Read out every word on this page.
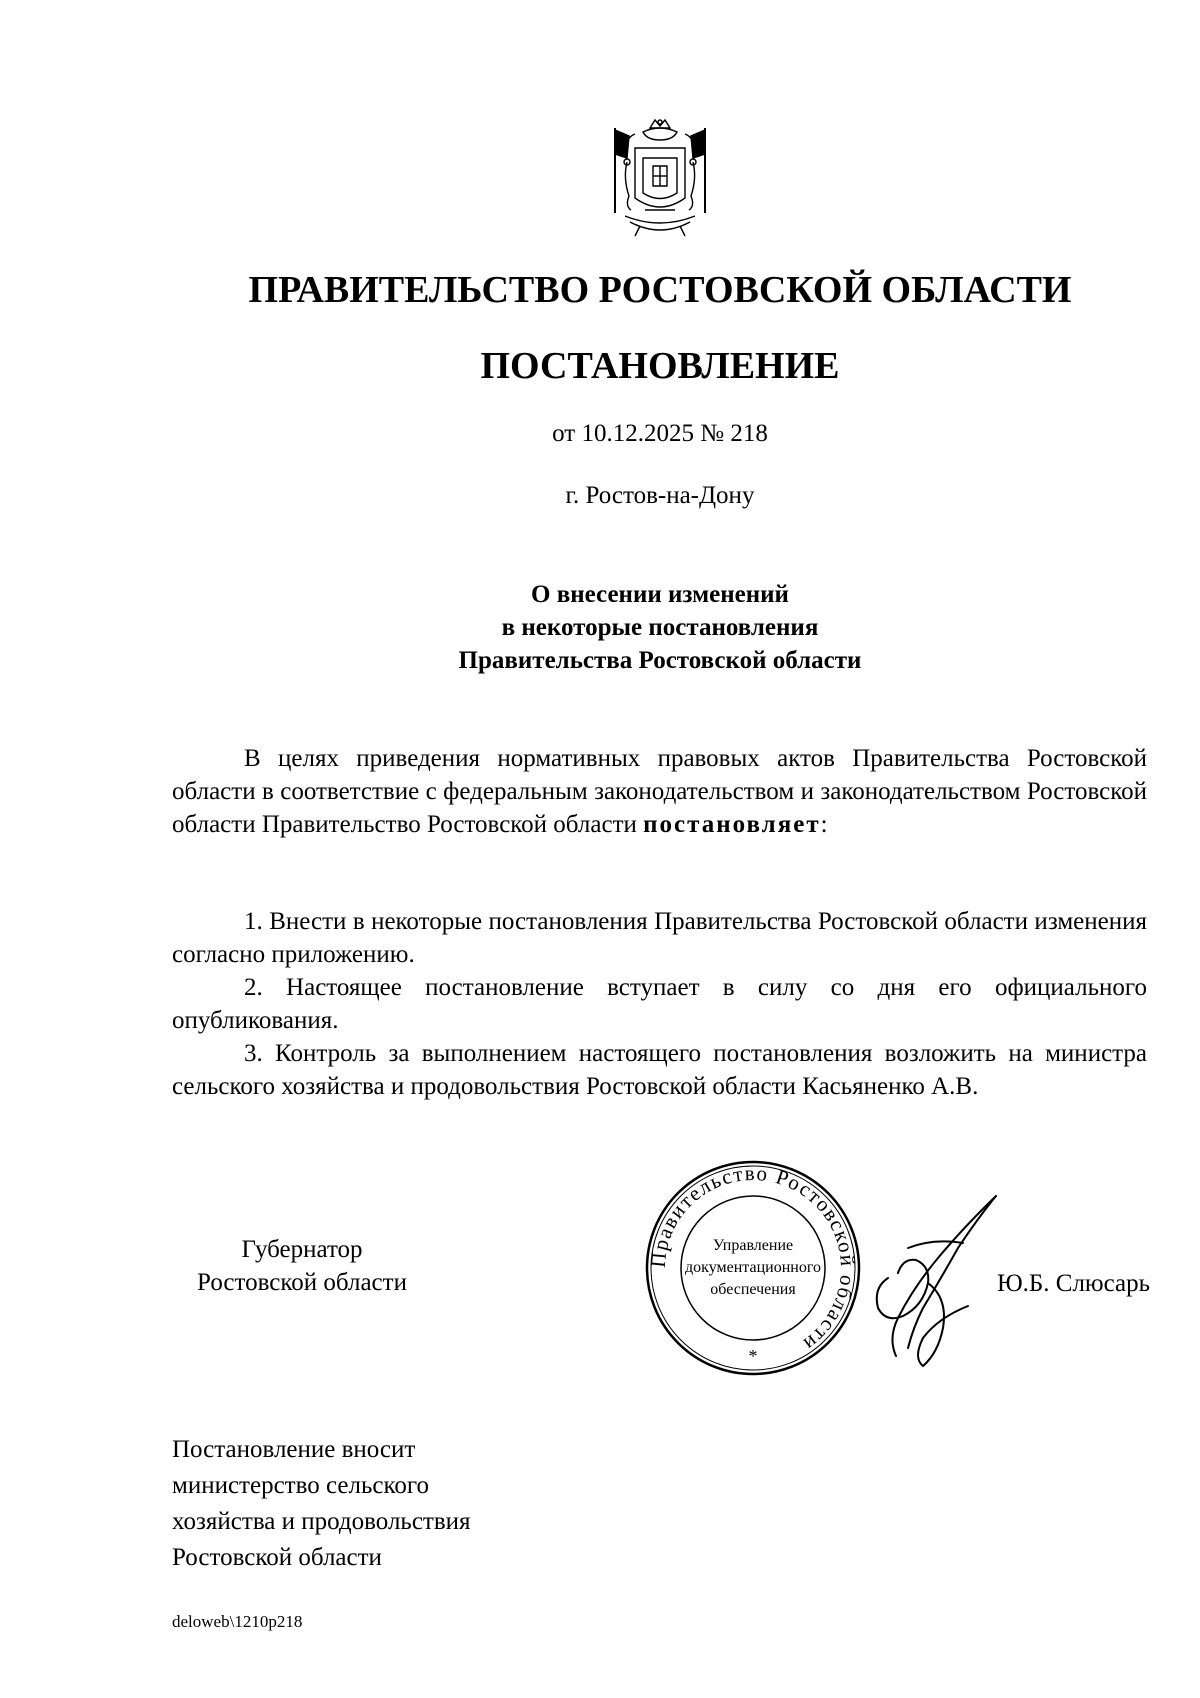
ПРАВИТЕЛЬСТВО РОСТОВСКОЙ ОБЛАСТИ
ПОСТАНОВЛЕНИЕ
от 10.12.2025 № 218
г. Ростов-на-Дону
О внесении изменений
в некоторые постановления
Правительства Ростовской области
В целях приведения нормативных правовых актов Правительства Ростовской области в соответствие с федеральным законодательством и законодательством Ростовской области Правительство Ростовской области постановляет:

1. Внести в некоторые постановления Правительства Ростовской области изменения согласно приложению.

2. Настоящее постановление вступает в силу со дня его официального опубликования.

3. Контроль за выполнением настоящего постановления возложить на министра сельского хозяйства и продовольствия Ростовской области Касьяненко А.В.

Губернатор
Ростовской области
Правительство Ростовской области
Управление
документационного
обеспечения
*
Ю.Б. Слюсарь
Постановление вносит
министерство сельского
хозяйства и продовольствия
Ростовской области
deloweb\1210p218
